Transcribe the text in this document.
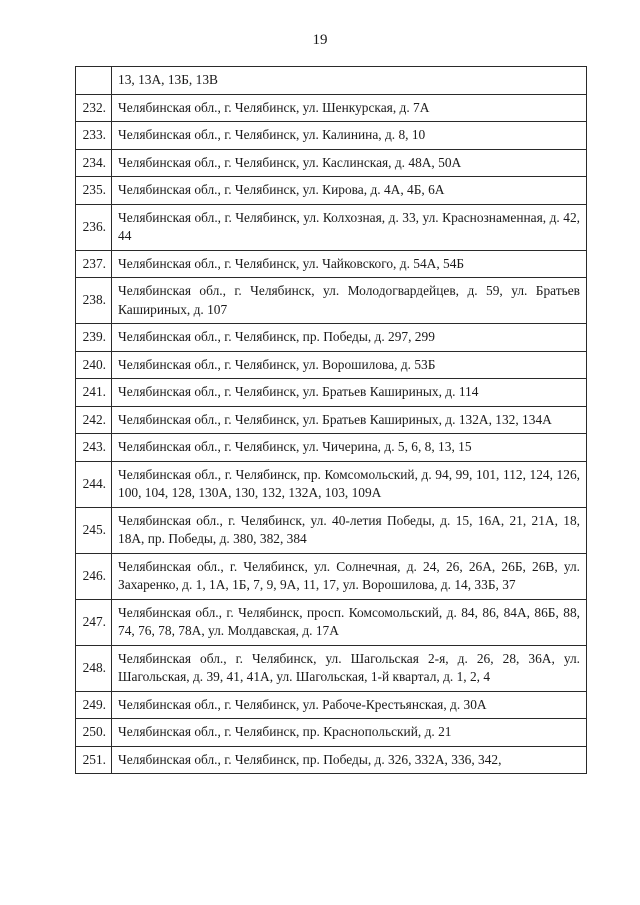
19
	13, 13А, 13Б, 13В
232.	Челябинская обл., г. Челябинск, ул. Шенкурская, д. 7А
233.	Челябинская обл., г. Челябинск, ул. Калинина, д. 8, 10
234.	Челябинская обл., г. Челябинск, ул. Каслинская, д. 48А, 50А
235.	Челябинская обл., г. Челябинск, ул. Кирова, д. 4А, 4Б, 6А
236.	Челябинская обл., г. Челябинск, ул. Колхозная, д. 33, ул. Краснознаменная, д. 42, 44
237.	Челябинская обл., г. Челябинск, ул. Чайковского, д. 54А, 54Б
238.	Челябинская обл., г. Челябинск, ул. Молодогвардейцев, д. 59, ул. Братьев Кашириных, д. 107
239.	Челябинская обл., г. Челябинск, пр. Победы, д. 297, 299
240.	Челябинская обл., г. Челябинск, ул. Ворошилова, д. 53Б
241.	Челябинская обл., г. Челябинск, ул. Братьев Кашириных, д. 114
242.	Челябинская обл., г. Челябинск, ул. Братьев Кашириных, д. 132А, 132, 134А
243.	Челябинская обл., г. Челябинск, ул. Чичерина, д. 5, 6, 8, 13, 15
244.	Челябинская обл., г. Челябинск, пр. Комсомольский, д. 94, 99, 101, 112, 124, 126, 100, 104, 128, 130А, 130, 132, 132А, 103, 109А
245.	Челябинская обл., г. Челябинск, ул. 40-летия Победы, д. 15, 16А, 21, 21А, 18, 18А, пр. Победы, д. 380, 382, 384
246.	Челябинская обл., г. Челябинск, ул. Солнечная, д. 24, 26, 26А, 26Б, 26В, ул. Захаренко, д. 1, 1А, 1Б, 7, 9, 9А, 11, 17, ул. Ворошилова, д. 14, 33Б, 37
247.	Челябинская обл., г. Челябинск, просп. Комсомольский, д. 84, 86, 84А, 86Б, 88, 74, 76, 78, 78А, ул. Молдавская, д. 17А
248.	Челябинская обл., г. Челябинск, ул. Шагольская 2-я, д. 26, 28, 36А, ул. Шагольская, д. 39, 41, 41А, ул. Шагольская, 1-й квартал, д. 1, 2, 4
249.	Челябинская обл., г. Челябинск, ул. Рабоче-Крестьянская, д. 30А
250.	Челябинская обл., г. Челябинск, пр. Краснопольский, д. 21
251.	Челябинская обл., г. Челябинск, пр. Победы, д. 326, 332А, 336, 342,
